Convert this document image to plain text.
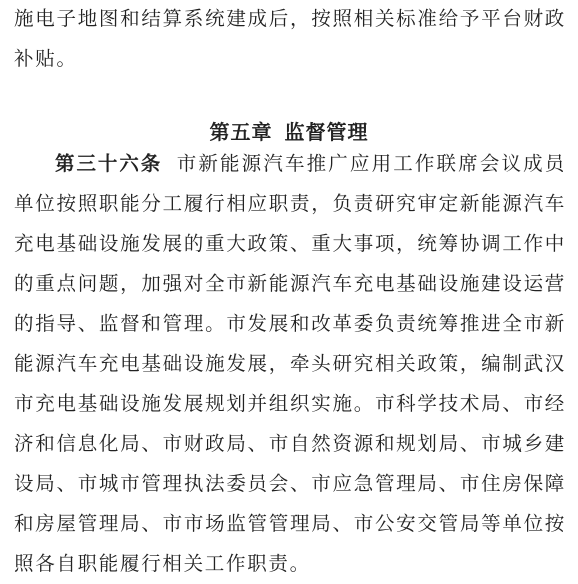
施电子地图和结算系统建成后，按照相关标准给予平台财政补贴。

第五章 监督管理

第三十六条 市新能源汽车推广应用工作联席会议成员单位按照职能分工履行相应职责，负责研究审定新能源汽车充电基础设施发展的重大政策、重大事项，统筹协调工作中的重点问题，加强对全市新能源汽车充电基础设施建设运营的指导、监督和管理。市发展和改革委负责统筹推进全市新能源汽车充电基础设施发展，牵头研究相关政策，编制武汉市充电基础设施发展规划并组织实施。市科学技术局、市经济和信息化局、市财政局、市自然资源和规划局、市城乡建设局、市城市管理执法委员会、市应急管理局、市住房保障和房屋管理局、市市场监管管理局、市公安交管局等单位按照各自职能履行相关工作职责。
